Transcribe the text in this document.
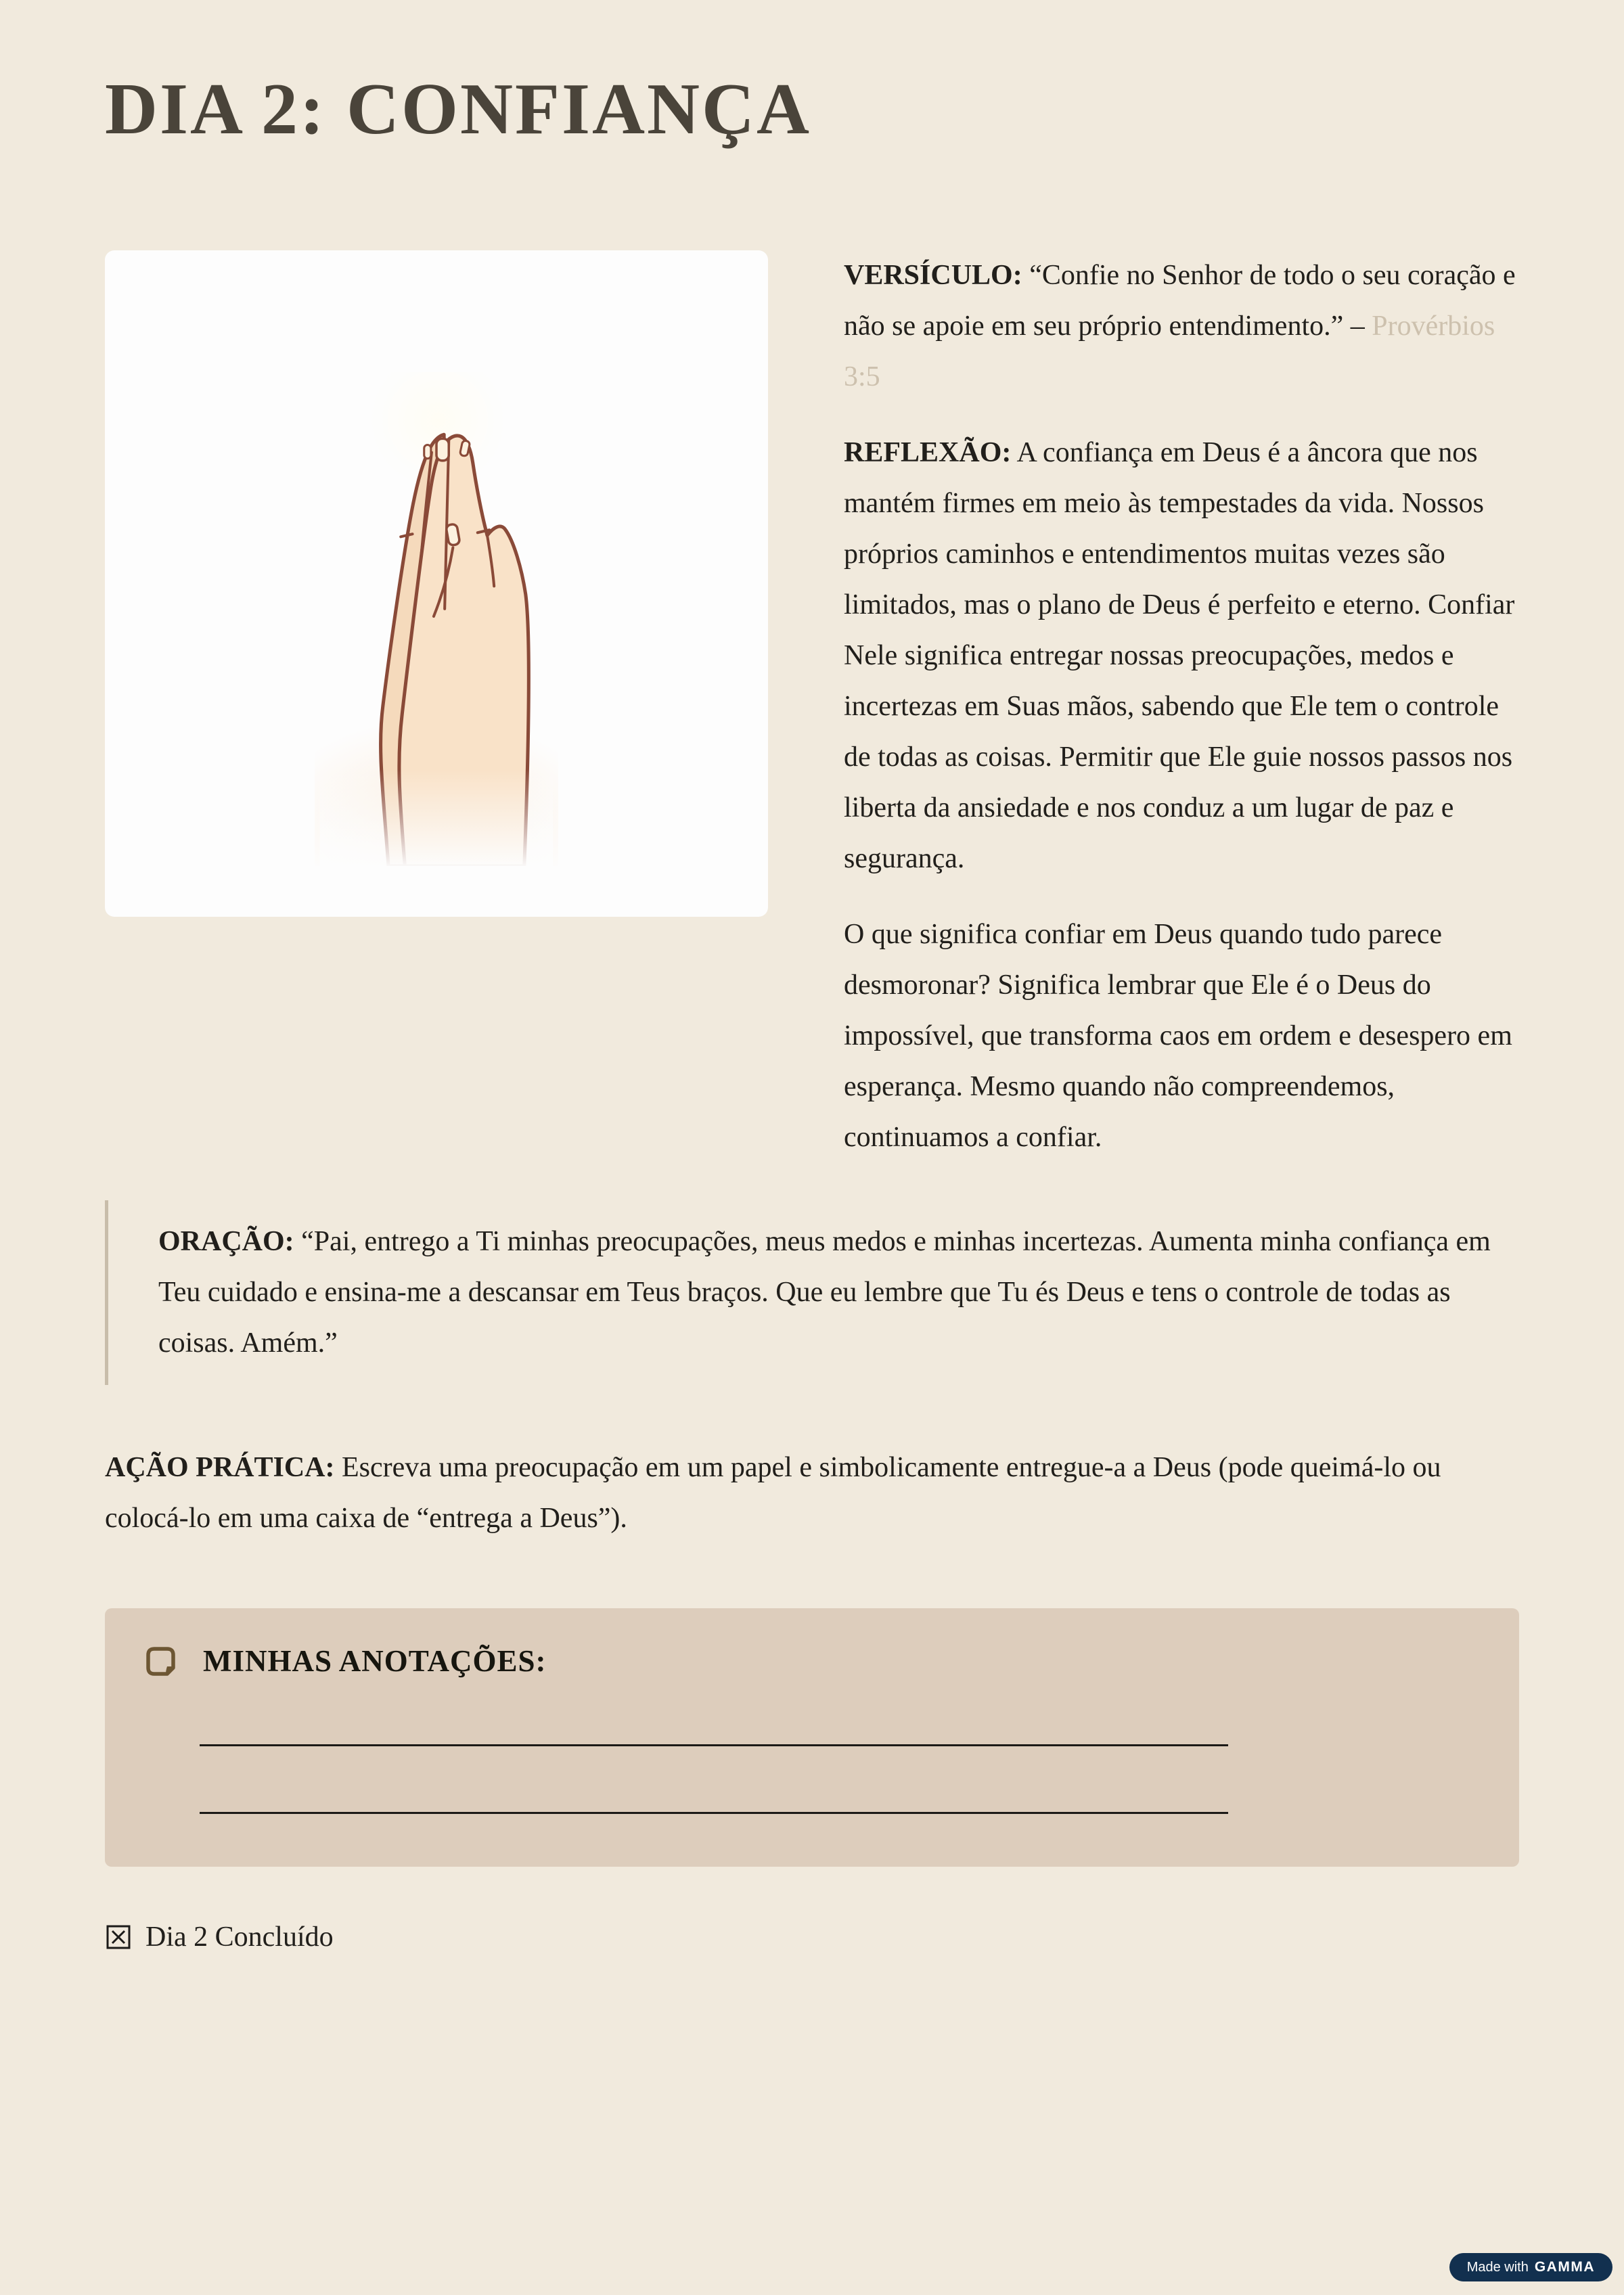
DIA 2: CONFIANÇA

VERSÍCULO: “Confie no Senhor de todo o seu coração e não se apoie em seu próprio entendimento.” – Provérbios 3:5

REFLEXÃO: A confiança em Deus é a âncora que nos mantém firmes em meio às tempestades da vida. Nossos próprios caminhos e entendimentos muitas vezes são limitados, mas o plano de Deus é perfeito e eterno. Confiar Nele significa entregar nossas preocupações, medos e incertezas em Suas mãos, sabendo que Ele tem o controle de todas as coisas. Permitir que Ele guie nossos passos nos liberta da ansiedade e nos conduz a um lugar de paz e segurança.

O que significa confiar em Deus quando tudo parece desmoronar? Significa lembrar que Ele é o Deus do impossível, que transforma caos em ordem e desespero em esperança. Mesmo quando não compreendemos, continuamos a confiar.

ORAÇÃO: “Pai, entrego a Ti minhas preocupações, meus medos e minhas incertezas. Aumenta minha confiança em Teu cuidado e ensina-me a descansar em Teus braços. Que eu lembre que Tu és Deus e tens o controle de todas as coisas. Amém.”

AÇÃO PRÁTICA: Escreva uma preocupação em um papel e simbolicamente entregue-a a Deus (pode queimá-lo ou colocá-lo em uma caixa de “entrega a Deus”).

MINHAS ANOTAÇÕES:
Dia 2 Concluído
Made with GAMMA
